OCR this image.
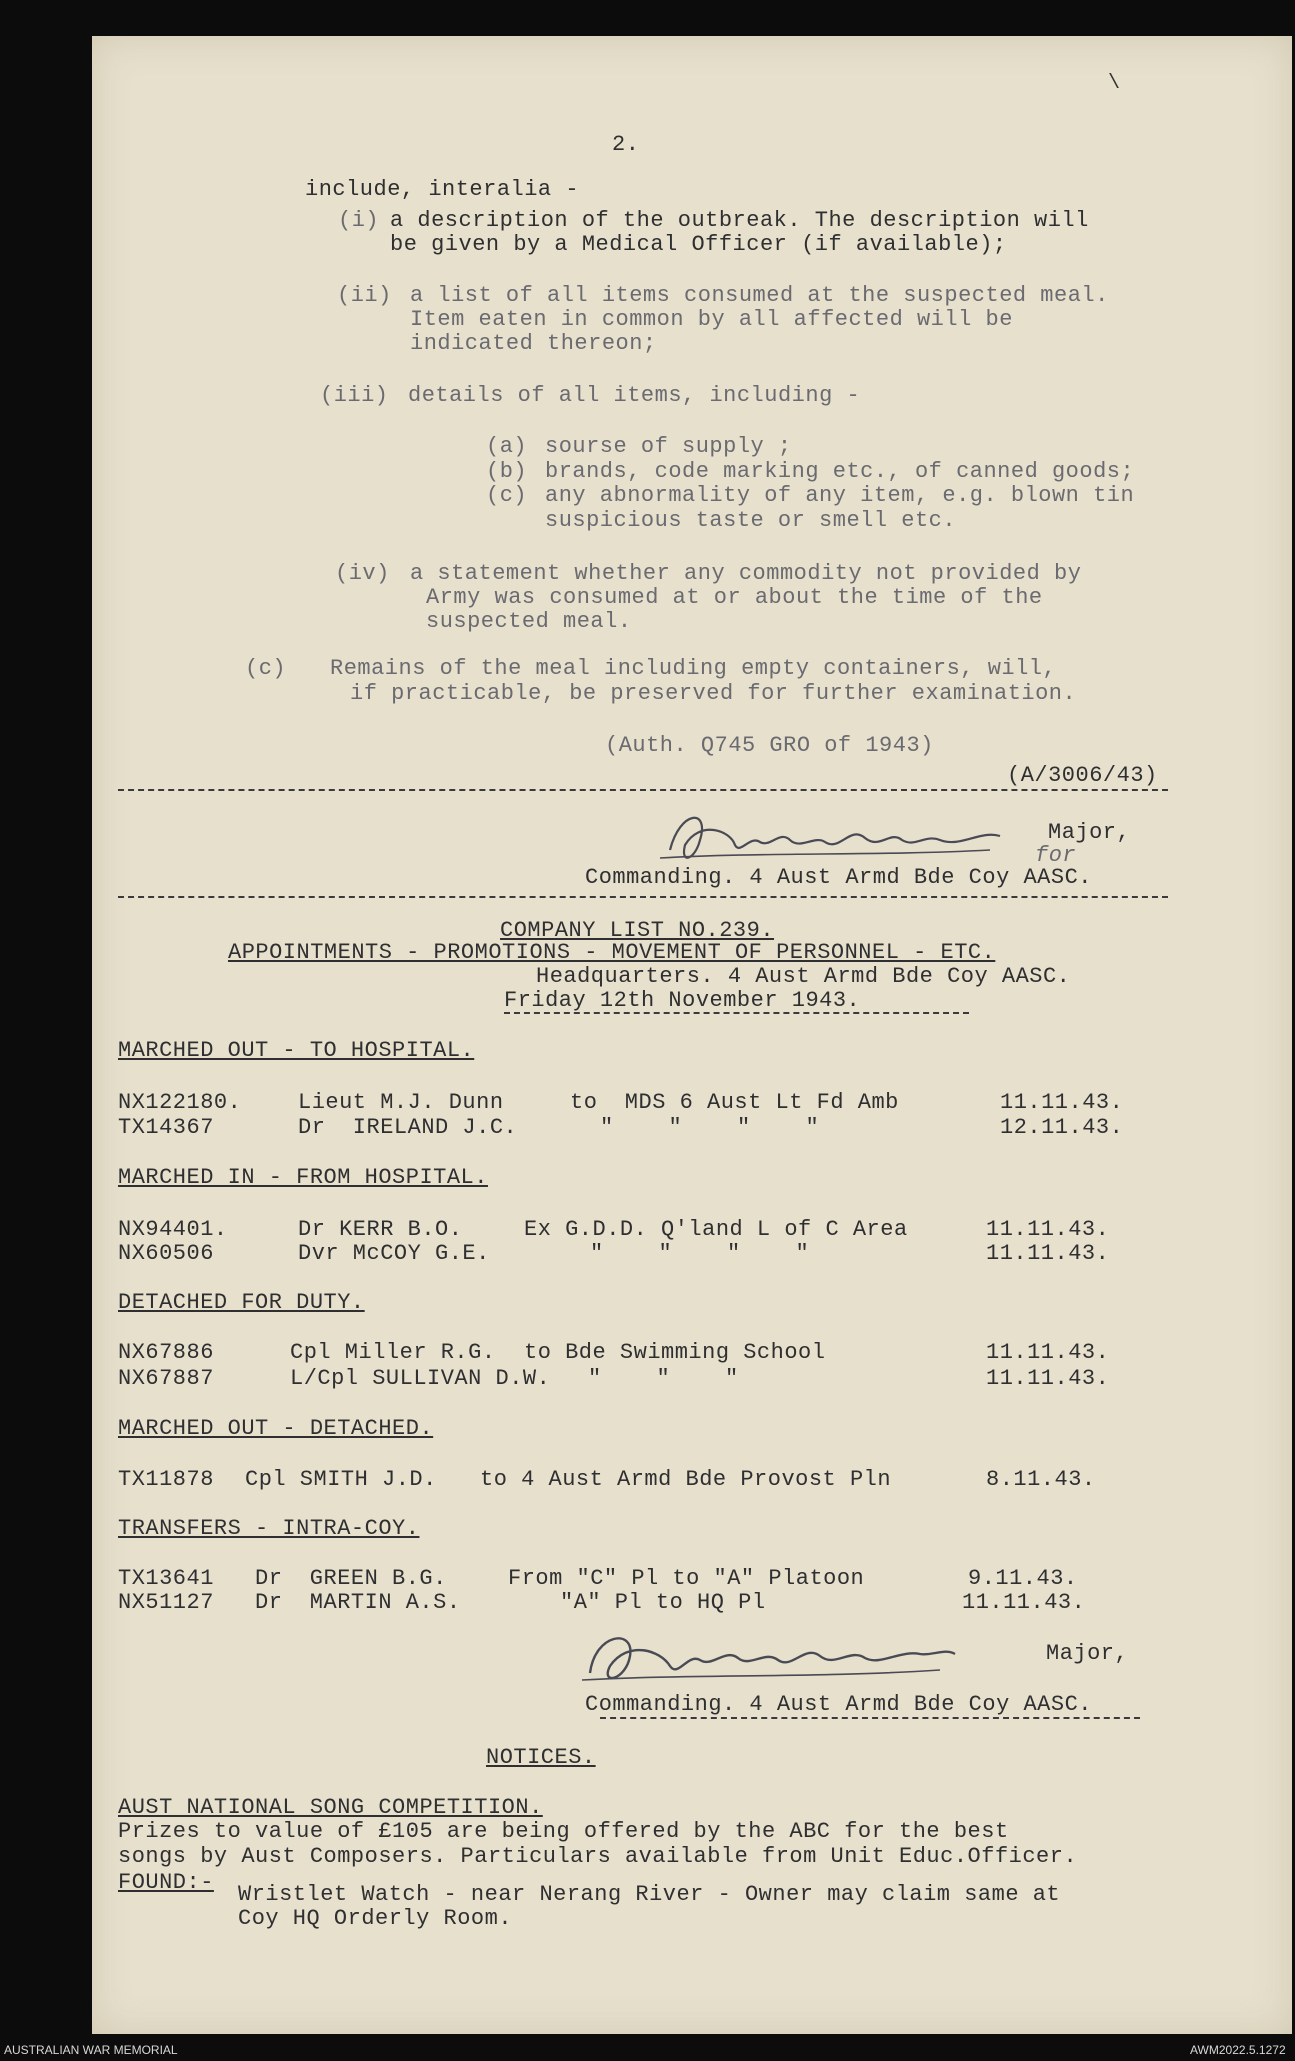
\
2.
include, interalia -
(i) a description of the outbreak. The description will
be given by a Medical Officer (if available);
(ii) a list of all items consumed at the suspected meal.
Item eaten in common by all affected will be
indicated thereon;
(iii) details of all items, including -
(a) sourse of supply ;
(b) brands, code marking etc., of canned goods;
(c) any abnormality of any item, e.g. blown tin
suspicious taste or smell etc.
(iv) a statement whether any commodity not provided by
Army was consumed at or about the time of the
suspected meal.
(c) Remains of the meal including empty containers, will,
if practicable, be preserved for further examination.
(Auth. Q745 GRO of 1943)
(A/3006/43)
Major,
for
Commanding. 4 Aust Armd Bde Coy AASC.
COMPANY LIST NO.239.
APPOINTMENTS - PROMOTIONS - MOVEMENT OF PERSONNEL - ETC.
Headquarters. 4 Aust Armd Bde Coy AASC.
Friday 12th November 1943.
MARCHED OUT - TO HOSPITAL.
NX122180.	Lieut M.J. Dunn	to  MDS 6 Aust Lt Fd Amb	11.11.43.
TX14367	Dr  IRELAND J.C.	"    "    "    "	12.11.43.
MARCHED IN - FROM HOSPITAL.
NX94401.	Dr KERR B.O.	Ex G.D.D. Q'land L of C Area	11.11.43.
NX60506	Dvr McCOY G.E.	"    "    "    "	11.11.43.
DETACHED FOR DUTY.
NX67886	Cpl Miller R.G. to Bde Swimming School	11.11.43.
NX67887	L/Cpl SULLIVAN D.W. "    "    "	11.11.43.
MARCHED OUT - DETACHED.
TX11878 Cpl SMITH J.D. to 4 Aust Armd Bde Provost Pln	8.11.43.
TRANSFERS - INTRA-COY.
TX13641 Dr  GREEN B.G.	From "C" Pl to "A" Platoon	9.11.43.
NX51127 Dr  MARTIN A.S.	"A" Pl to HQ Pl	11.11.43.
Major,
Commanding. 4 Aust Armd Bde Coy AASC.
NOTICES.
AUST NATIONAL SONG COMPETITION.
Prizes to value of £105 are being offered by the ABC for the best
songs by Aust Composers. Particulars available from Unit Educ.Officer.
FOUND:- Wristlet Watch - near Nerang River - Owner may claim same at
Coy HQ Orderly Room.
AUSTRALIAN WAR MEMORIAL	AWM2022.5.1272
